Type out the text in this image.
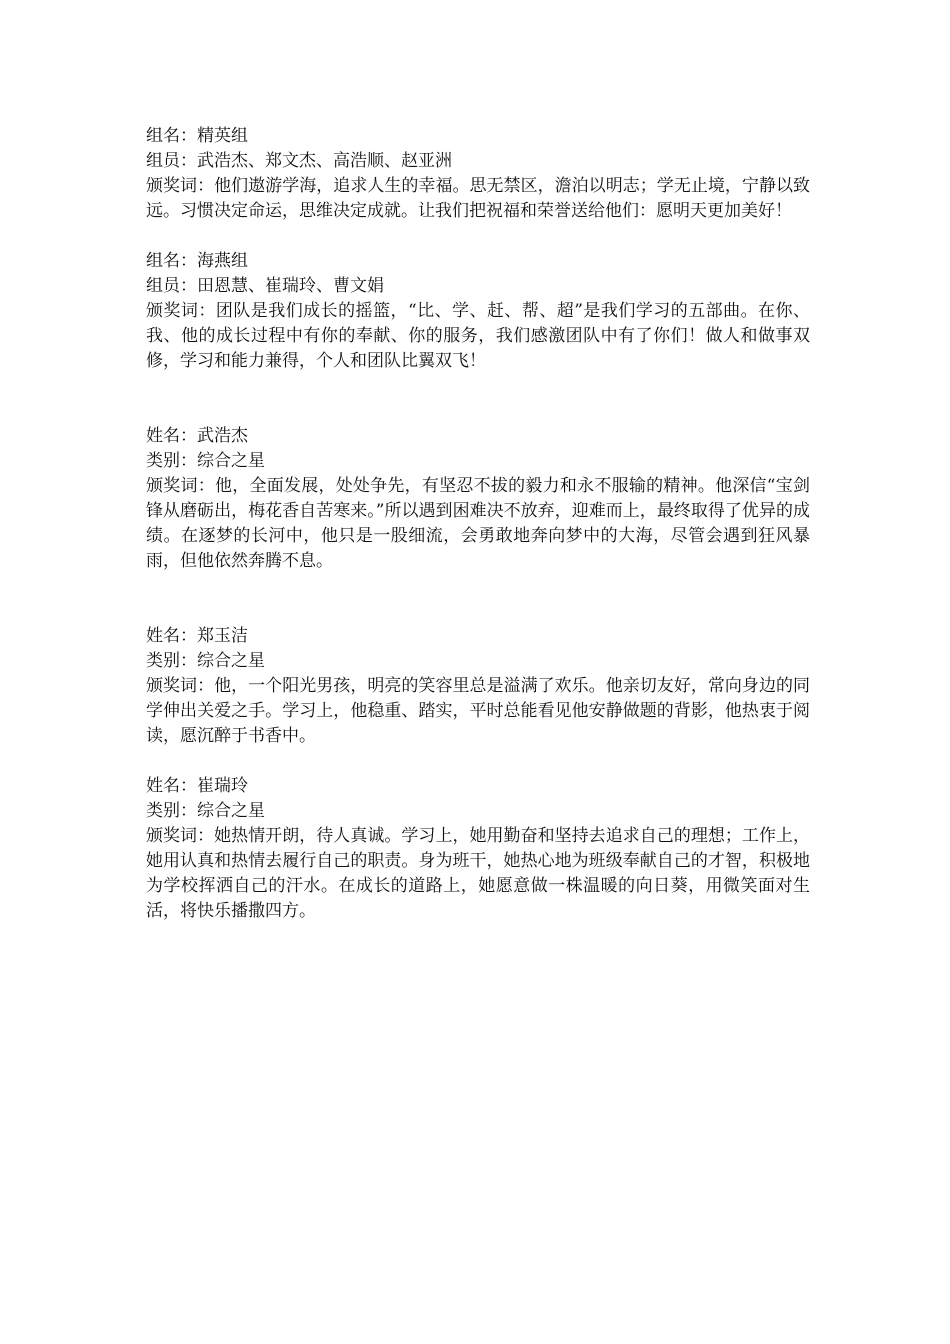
组名：精英组
组员：武浩杰、郑文杰、高浩顺、赵亚洲
颁奖词：他们遨游学海，追求人生的幸福。思无禁区，澹泊以明志；学无止境，宁静以致远。习惯决定命运，思维决定成就。让我们把祝福和荣誉送给他们：愿明天更加美好！
组名：海燕组
组员：田恩慧、崔瑞玲、曹文娟
颁奖词：团队是我们成长的摇篮，“比、学、赶、帮、超”是我们学习的五部曲。在你、我、他的成长过程中有你的奉献、你的服务，我们感激团队中有了你们！做人和做事双修，学习和能力兼得，个人和团队比翼双飞！
姓名：武浩杰
类别：综合之星
颁奖词：他，全面发展，处处争先，有坚忍不拔的毅力和永不服输的精神。他深信“宝剑锋从磨砺出，梅花香自苦寒来。”所以遇到困难决不放弃，迎难而上，最终取得了优异的成绩。在逐梦的长河中，他只是一股细流，会勇敢地奔向梦中的大海，尽管会遇到狂风暴雨，但他依然奔腾不息。
姓名：郑玉洁
类别：综合之星
颁奖词：他，一个阳光男孩，明亮的笑容里总是溢满了欢乐。他亲切友好，常向身边的同学伸出关爱之手。学习上，他稳重、踏实，平时总能看见他安静做题的背影，他热衷于阅读，愿沉醉于书香中。
姓名：崔瑞玲
类别：综合之星
颁奖词：她热情开朗，待人真诚。学习上，她用勤奋和坚持去追求自己的理想；工作上，她用认真和热情去履行自己的职责。身为班干，她热心地为班级奉献自己的才智，积极地为学校挥洒自己的汗水。在成长的道路上，她愿意做一株温暖的向日葵，用微笑面对生活，将快乐播撒四方。
